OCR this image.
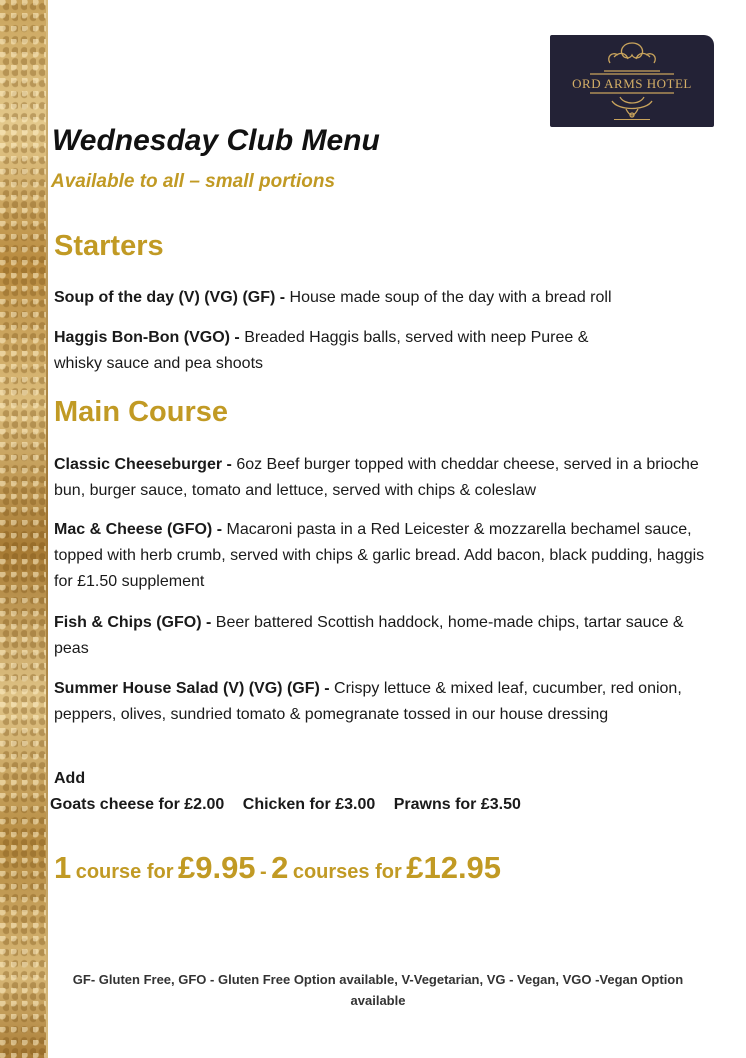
ORD ARMS HOTEL
Wednesday Club Menu

Available to all – small portions

Starters
Soup of the day (V) (VG) (GF) - House made soup of the day with a bread roll
Haggis Bon-Bon (VGO) - Breaded Haggis balls, served with neep Puree & whisky sauce and pea shoots
Main Course
Classic Cheeseburger - 6oz Beef burger topped with cheddar cheese, served in a brioche bun, burger sauce, tomato and lettuce, served with chips & coleslaw
Mac & Cheese (GFO) - Macaroni pasta in a Red Leicester & mozzarella bechamel sauce, topped with herb crumb, served with chips & garlic bread. Add bacon, black pudding, haggis for £1.50 supplement
Fish & Chips (GFO) - Beer battered Scottish haddock, home-made chips, tartar sauce & peas
Summer House Salad (V) (VG) (GF) - Crispy lettuce & mixed leaf, cucumber, red onion, peppers, olives, sundried tomato & pomegranate tossed in our house dressing
Add
Goats cheese for £2.00 Chicken for £3.00 Prawns for £3.50
1 course for £9.95 - 2 courses for £12.95
GF- Gluten Free, GFO - Gluten Free Option available, V-Vegetarian, VG - Vegan, VGO -Vegan Option available
